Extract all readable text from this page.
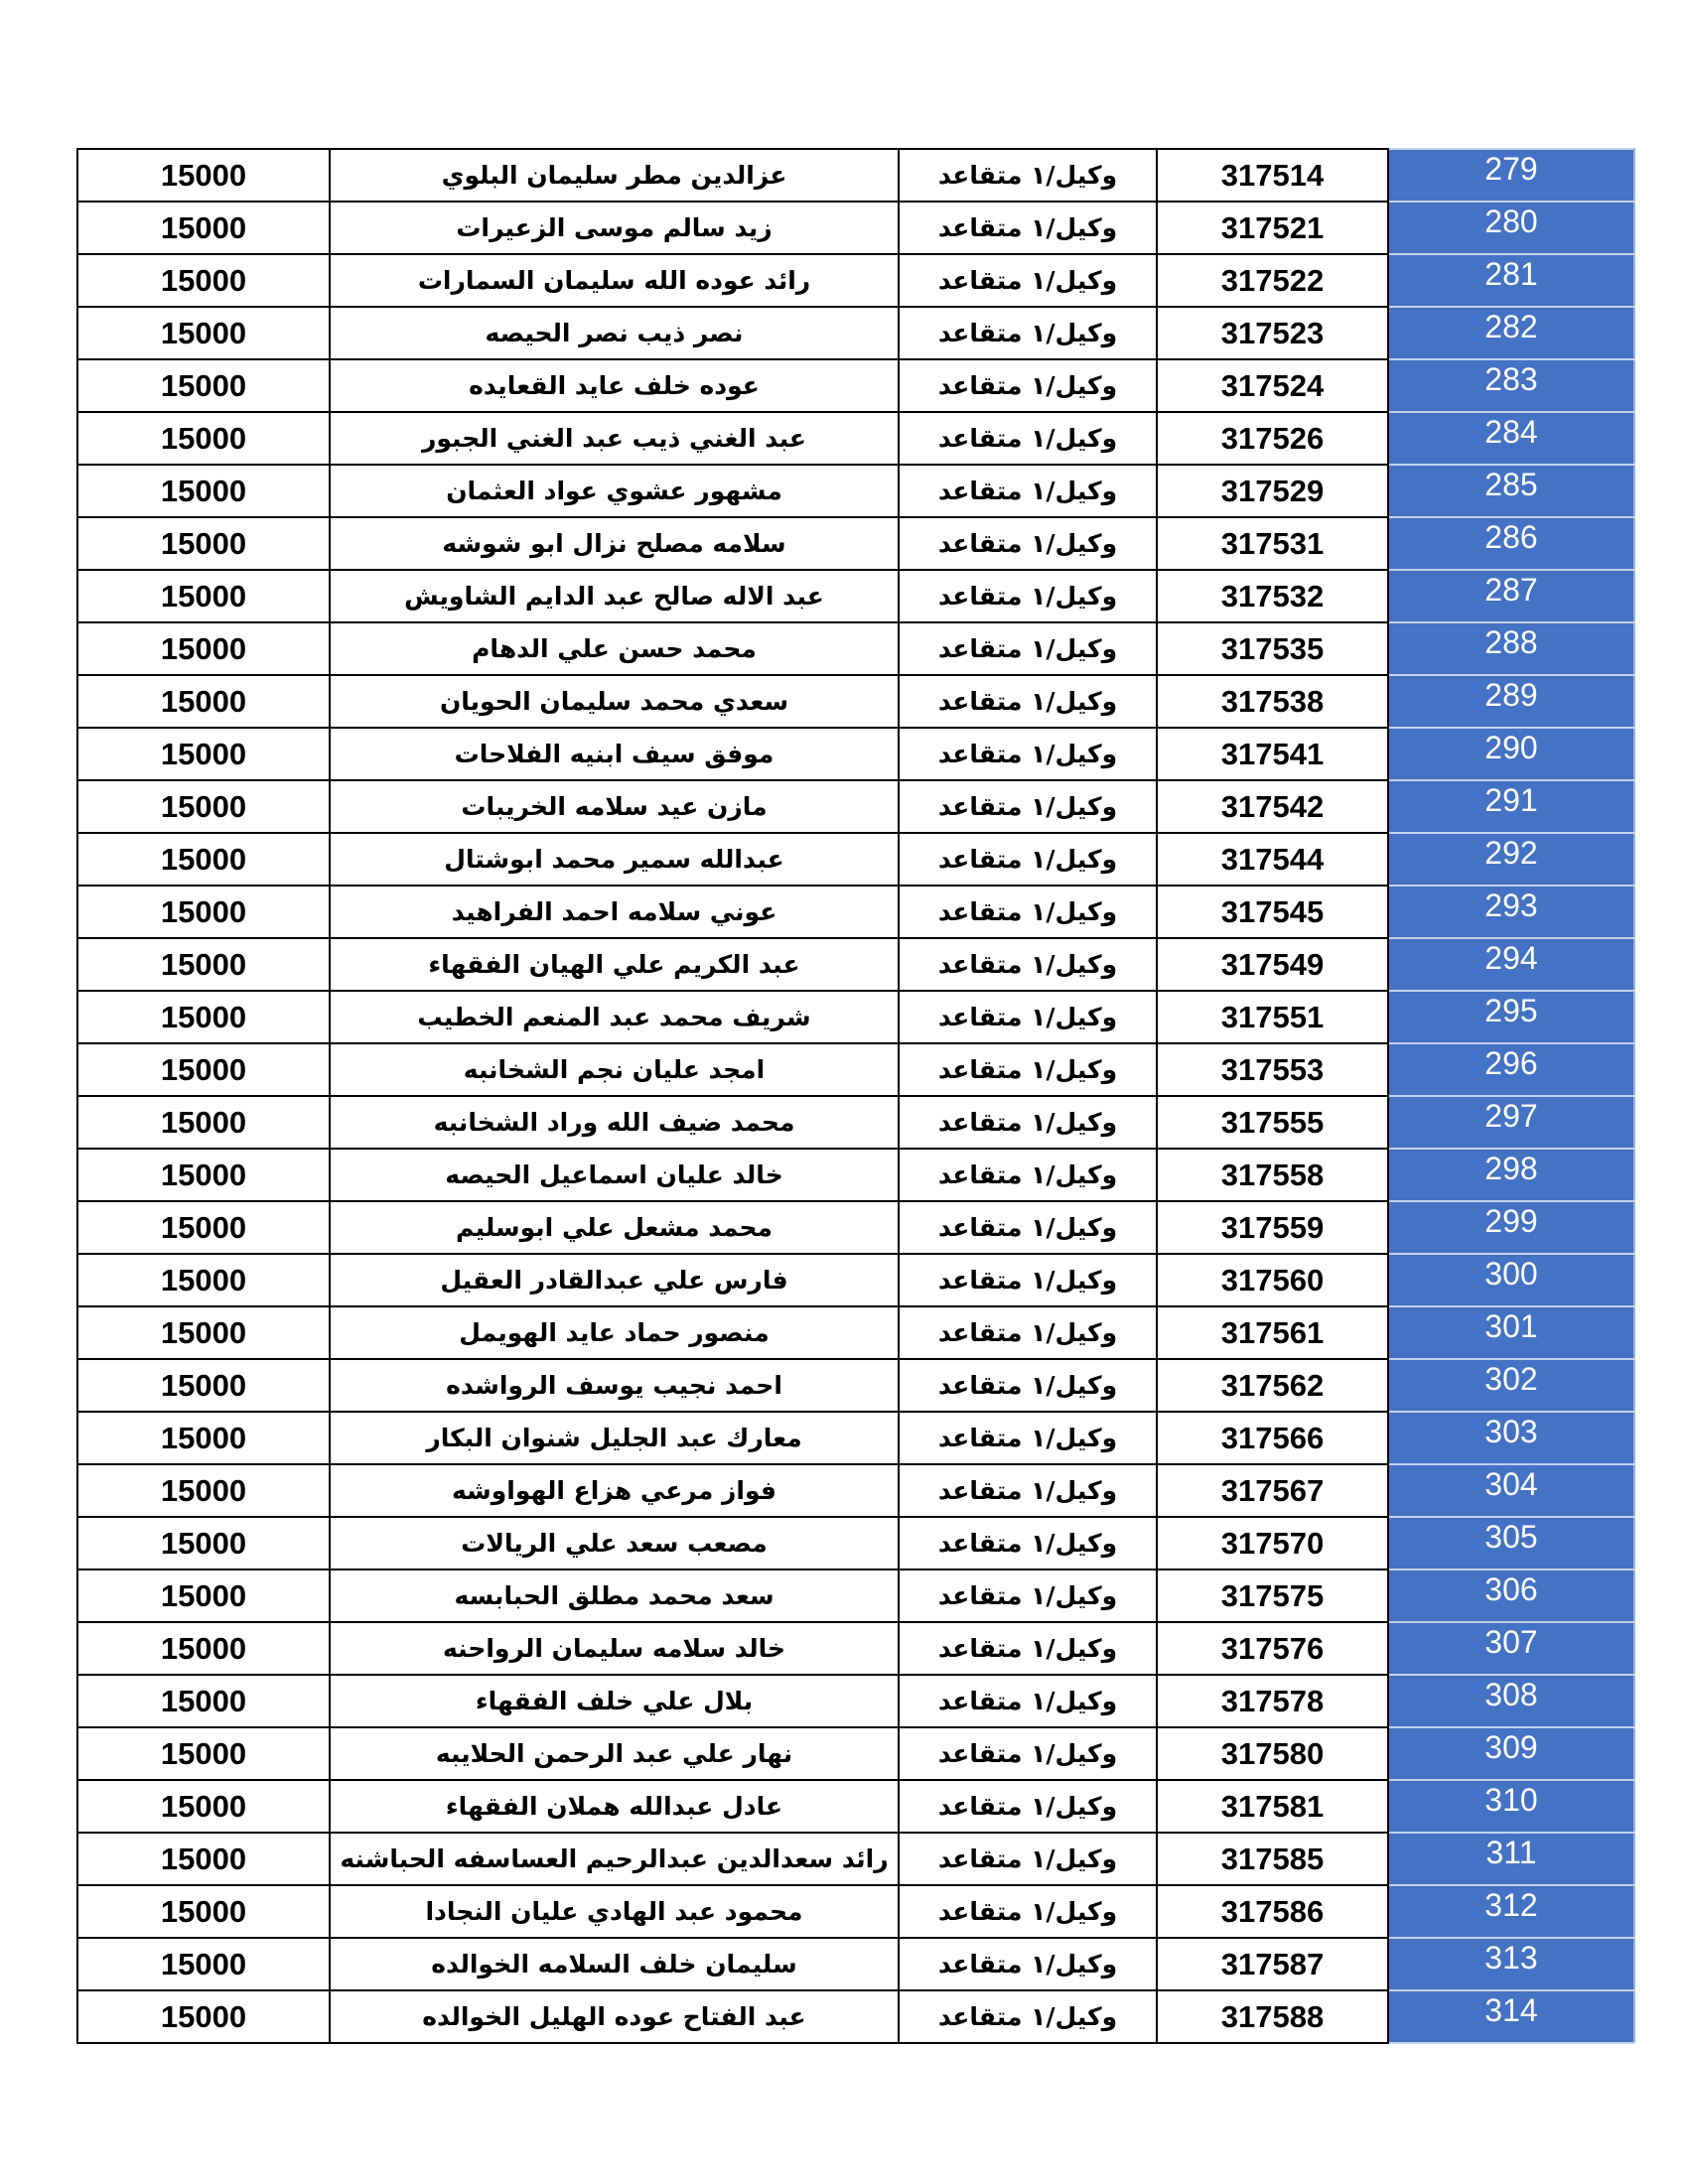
15000	عزالدين مطر سليمان البلوي	وكيل/١ متقاعد	317514	279
15000	زيد سالم موسى الزعيرات	وكيل/١ متقاعد	317521	280
15000	رائد عوده الله سليمان السمارات	وكيل/١ متقاعد	317522	281
15000	نصر ذيب نصر الحيصه	وكيل/١ متقاعد	317523	282
15000	عوده خلف عايد القعايده	وكيل/١ متقاعد	317524	283
15000	عبد الغني ذيب عبد الغني الجبور	وكيل/١ متقاعد	317526	284
15000	مشهور عشوي عواد العثمان	وكيل/١ متقاعد	317529	285
15000	سلامه مصلح نزال ابو شوشه	وكيل/١ متقاعد	317531	286
15000	عبد الاله صالح عبد الدايم الشاويش	وكيل/١ متقاعد	317532	287
15000	محمد حسن علي الدهام	وكيل/١ متقاعد	317535	288
15000	سعدي محمد سليمان الحويان	وكيل/١ متقاعد	317538	289
15000	موفق سيف ابنيه الفلاحات	وكيل/١ متقاعد	317541	290
15000	مازن عيد سلامه الخريبات	وكيل/١ متقاعد	317542	291
15000	عبدالله سمير محمد ابوشتال	وكيل/١ متقاعد	317544	292
15000	عوني سلامه احمد الفراهيد	وكيل/١ متقاعد	317545	293
15000	عبد الكريم علي الهيان الفقهاء	وكيل/١ متقاعد	317549	294
15000	شريف محمد عبد المنعم الخطيب	وكيل/١ متقاعد	317551	295
15000	امجد عليان نجم الشخانبه	وكيل/١ متقاعد	317553	296
15000	محمد ضيف الله وراد الشخانبه	وكيل/١ متقاعد	317555	297
15000	خالد عليان اسماعيل الحيصه	وكيل/١ متقاعد	317558	298
15000	محمد مشعل علي ابوسليم	وكيل/١ متقاعد	317559	299
15000	فارس علي عبدالقادر العقيل	وكيل/١ متقاعد	317560	300
15000	منصور حماد عايد الهويمل	وكيل/١ متقاعد	317561	301
15000	احمد نجيب يوسف الرواشده	وكيل/١ متقاعد	317562	302
15000	معارك عبد الجليل شنوان البكار	وكيل/١ متقاعد	317566	303
15000	فواز مرعي هزاع الهواوشه	وكيل/١ متقاعد	317567	304
15000	مصعب سعد علي الريالات	وكيل/١ متقاعد	317570	305
15000	سعد محمد مطلق الحبابسه	وكيل/١ متقاعد	317575	306
15000	خالد سلامه سليمان الرواحنه	وكيل/١ متقاعد	317576	307
15000	بلال علي خلف الفقهاء	وكيل/١ متقاعد	317578	308
15000	نهار علي عبد الرحمن الحلايبه	وكيل/١ متقاعد	317580	309
15000	عادل عبدالله هملان الفقهاء	وكيل/١ متقاعد	317581	310
15000	رائد سعدالدين عبدالرحيم العساسفه الحباشنه	وكيل/١ متقاعد	317585	311
15000	محمود عبد الهادي عليان النجادا	وكيل/١ متقاعد	317586	312
15000	سليمان خلف السلامه الخوالده	وكيل/١ متقاعد	317587	313
15000	عبد الفتاح عوده الهليل الخوالده	وكيل/١ متقاعد	317588	314
